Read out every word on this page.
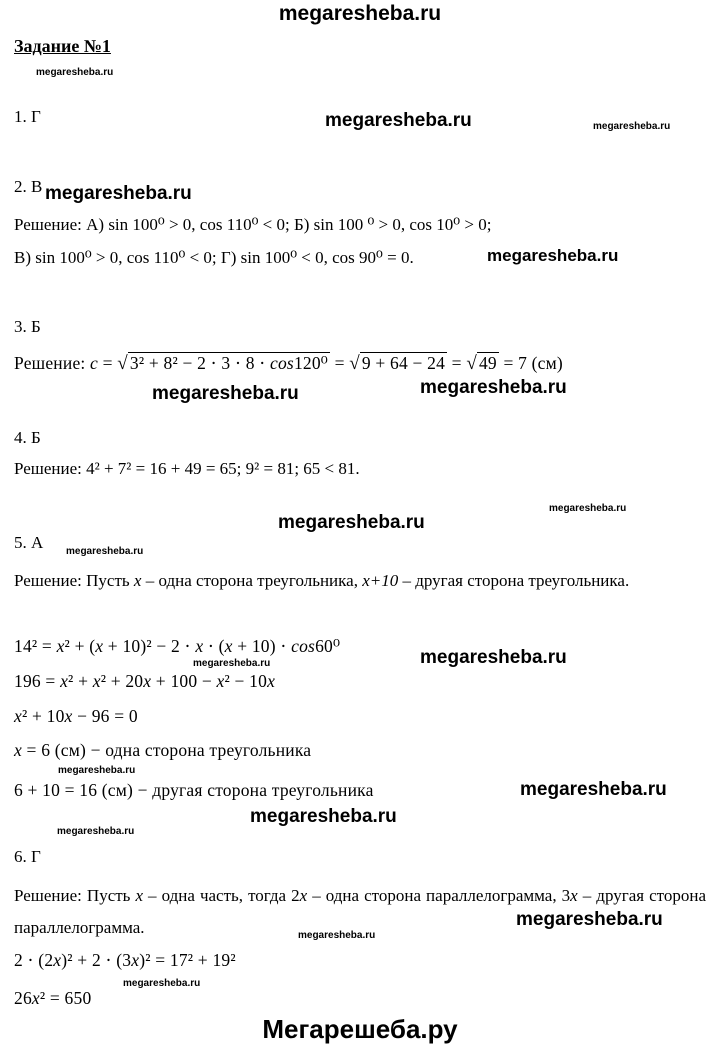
megaresheba.ru
megaresheba.ru
megaresheba.ru	megaresheba.ru
megaresheba.ru
megaresheba.ru
megaresheba.ru	megaresheba.ru
megaresheba.ru
megaresheba.ru
megaresheba.ru
megaresheba.ru	megaresheba.ru
megaresheba.ru
megaresheba.ru
megaresheba.ru
megaresheba.ru
megaresheba.ru
megaresheba.ru
megaresheba.ru
Задание №1
1. Г
2. В
Решение: А) sin 100⁰ > 0, cos 110⁰ < 0; Б) sin 100 ⁰ > 0, cos 10⁰ > 0;
В) sin 100⁰ > 0, cos 110⁰ < 0; Г) sin 100⁰ < 0, cos 90⁰ = 0.
3. Б
Решение: c = √ 3² + 8² − 2 ⋅ 3 ⋅ 8 ⋅ cos120⁰ = √ 9 + 64 − 24 = √ 49 = 7 (см)
4. Б
Решение: 4² + 7² = 16 + 49 = 65; 9² = 81; 65 < 81.
5. А
Решение: Пусть x – одна сторона треугольника, x+10 – другая сторона треугольника.
14² = x² + (x + 10)² − 2 ⋅ x ⋅ (x + 10) ⋅ cos60⁰
196 = x² + x² + 20x + 100 − x² − 10x
x² + 10x − 96 = 0
x = 6 (см) − одна сторона треугольника
6 + 10 = 16 (см) − другая сторона треугольника
6. Г
Решение: Пусть x – одна часть, тогда 2x – одна сторона параллелограмма, 3x – другая сторона параллелограмма.
2 ⋅ (2x)² + 2 ⋅ (3x)² = 17² + 19²
26x² = 650
Мегарешеба.ру
